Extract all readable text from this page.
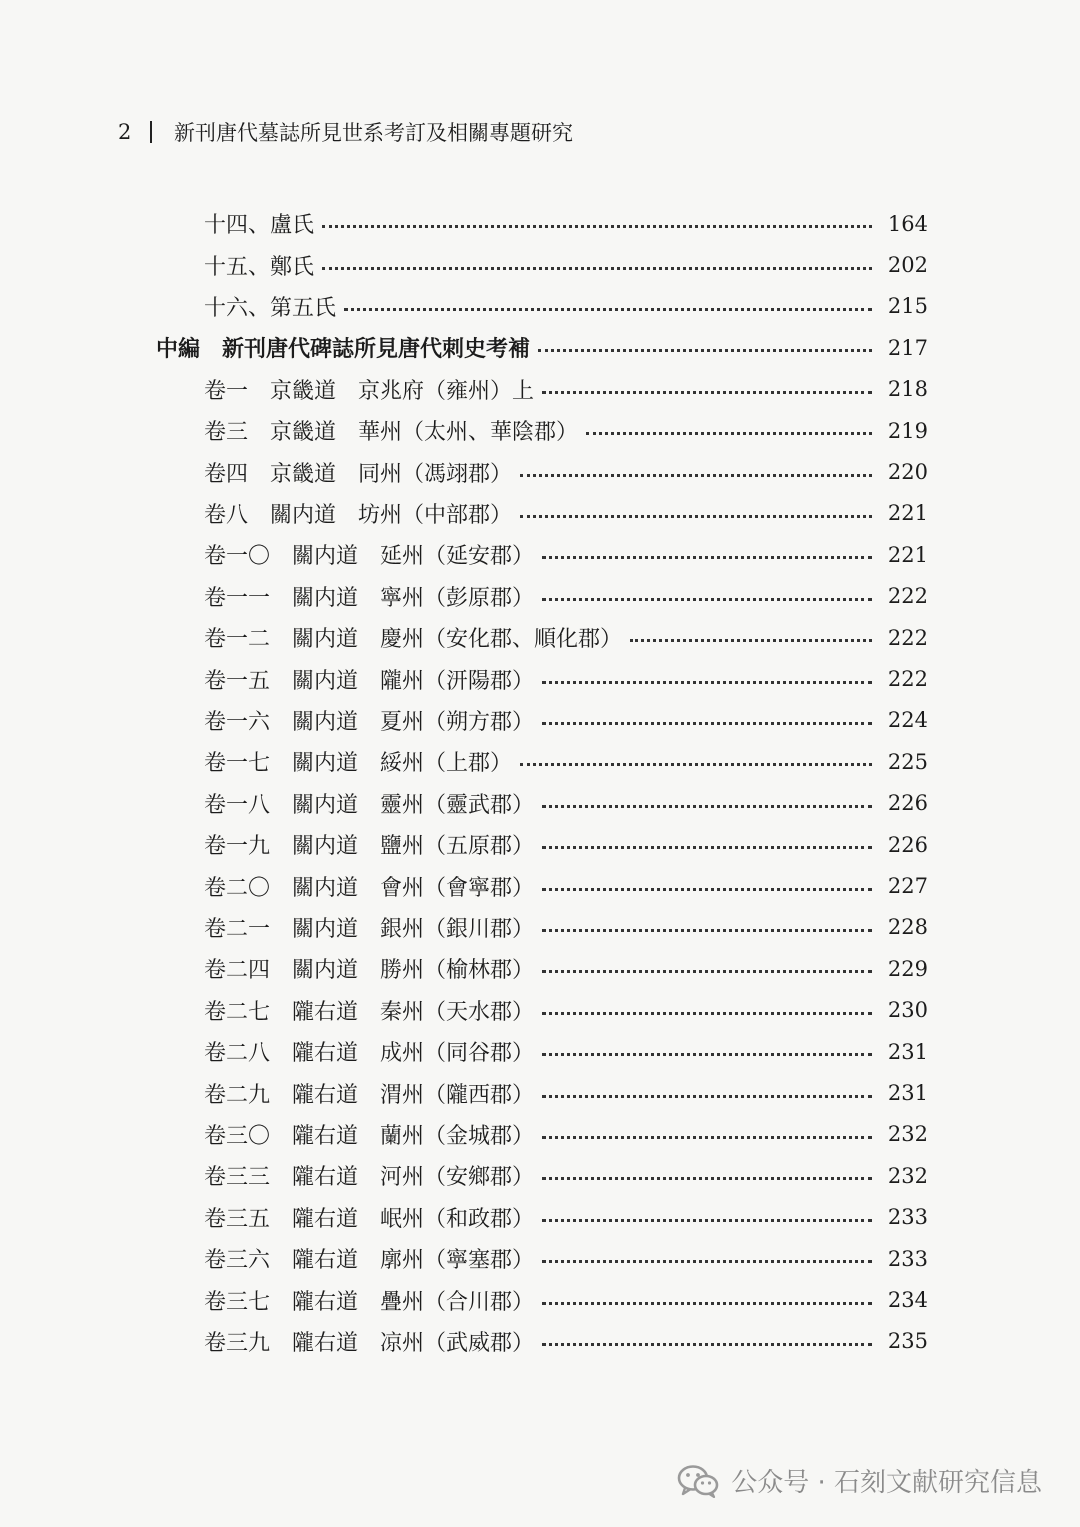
2	新刊唐代墓誌所見世系考訂及相關專題研究
十四、盧氏	164
十五、鄭氏	202
十六、第五氏	215
中編　新刊唐代碑誌所見唐代刺史考補	217
卷一　京畿道　京兆府（雍州）上	218
卷三　京畿道　華州（太州、華陰郡）	219
卷四　京畿道　同州（馮翊郡）	220
卷八　關内道　坊州（中部郡）	221
卷一〇　關内道　延州（延安郡）	221
卷一一　關内道　寧州（彭原郡）	222
卷一二　關内道　慶州（安化郡、順化郡）	222
卷一五　關内道　隴州（汧陽郡）	222
卷一六　關内道　夏州（朔方郡）	224
卷一七　關内道　綏州（上郡）	225
卷一八　關内道　靈州（靈武郡）	226
卷一九　關内道　鹽州（五原郡）	226
卷二〇　關内道　會州（會寧郡）	227
卷二一　關内道　銀州（銀川郡）	228
卷二四　關内道　勝州（榆林郡）	229
卷二七　隴右道　秦州（天水郡）	230
卷二八　隴右道　成州（同谷郡）	231
卷二九　隴右道　渭州（隴西郡）	231
卷三〇　隴右道　蘭州（金城郡）	232
卷三三　隴右道　河州（安鄉郡）	232
卷三五　隴右道　岷州（和政郡）	233
卷三六　隴右道　廓州（寧塞郡）	233
卷三七　隴右道　疊州（合川郡）	234
卷三九　隴右道　凉州（武威郡）	235
公众号 · 石刻文献研究信息
